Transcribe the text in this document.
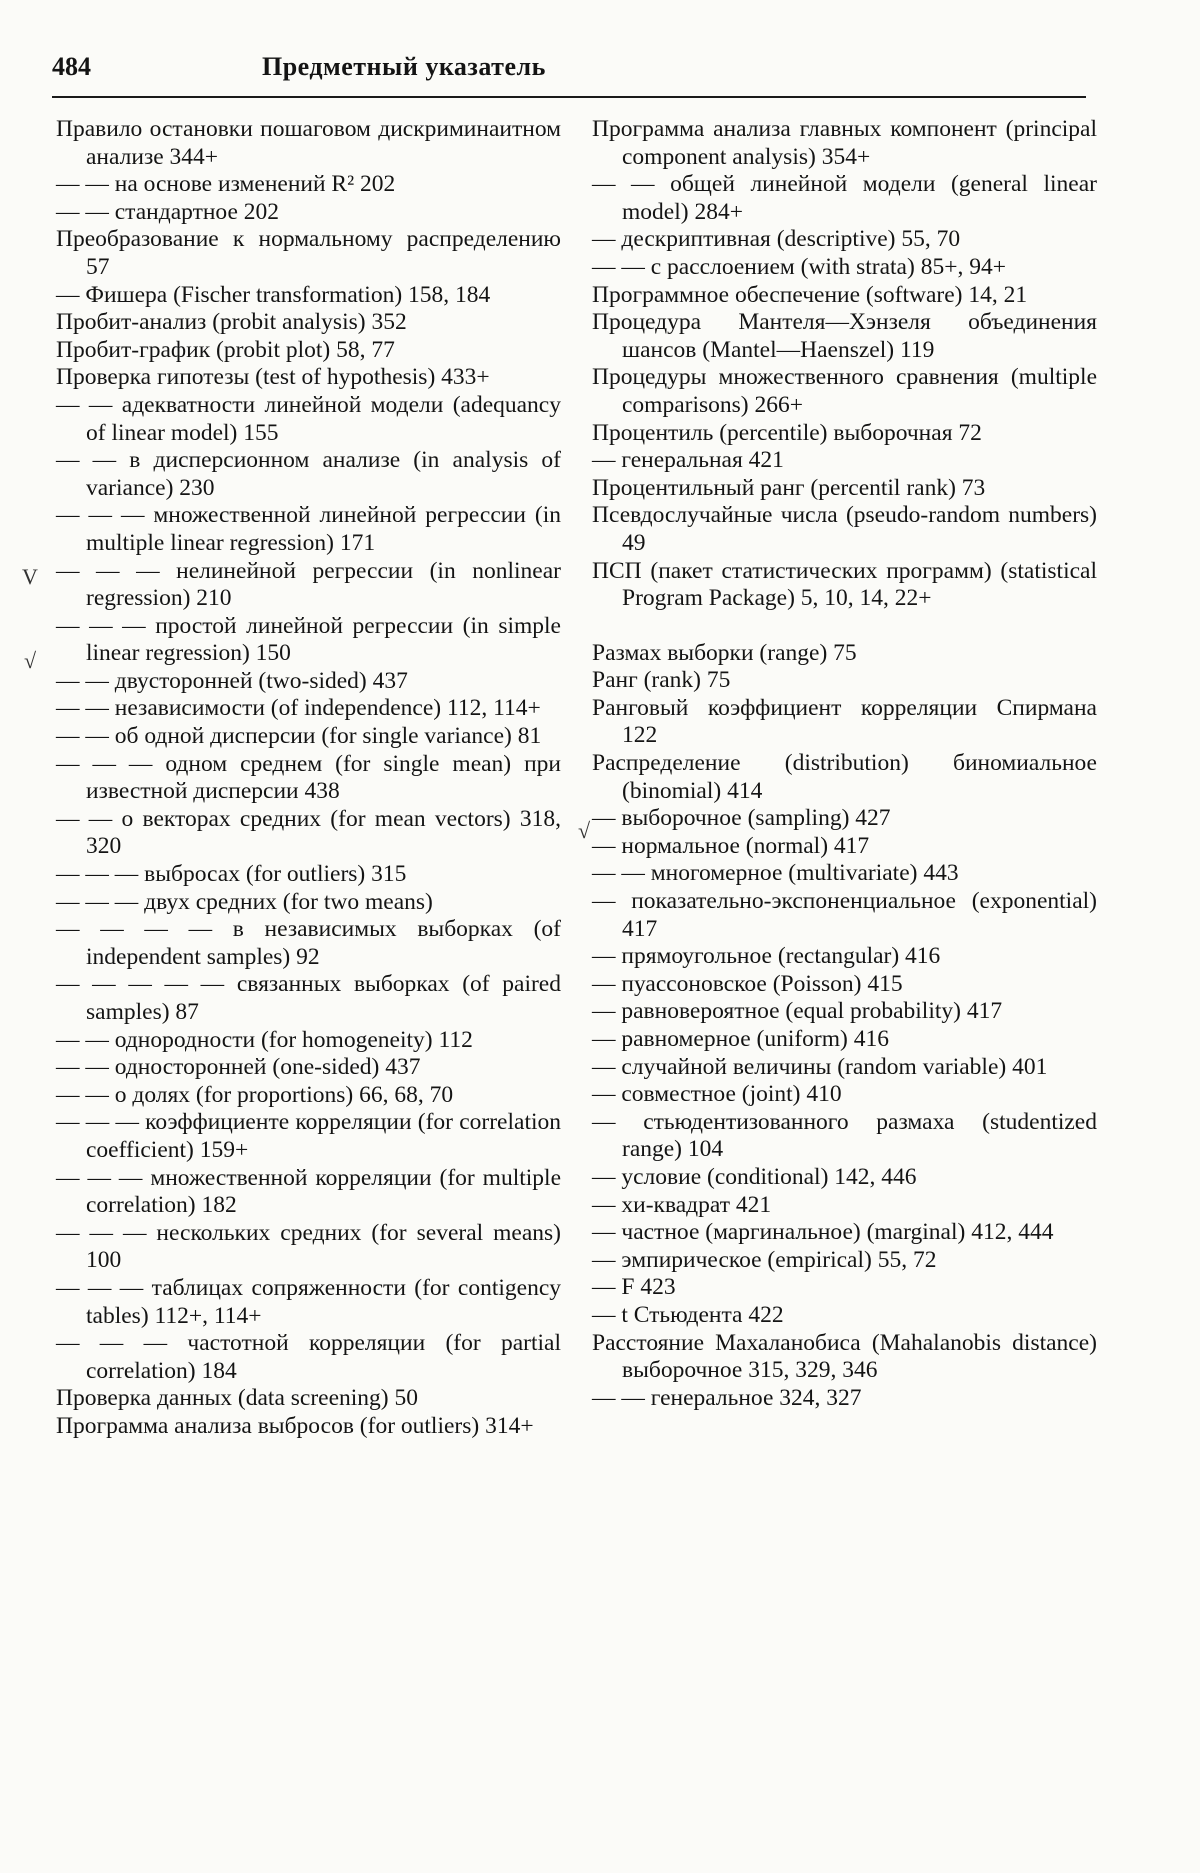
484	Предметный указатель
Правило остановки пошаговом дискриминаитном анализе 344+
— — на основе изменений R² 202
— — стандартное 202
Преобразование к нормальному распределению 57
— Фишера (Fischer transformation) 158, 184
Пробит-анализ (probit analysis) 352
Пробит-график (probit plot) 58, 77
Проверка гипотезы (test of hypothesis) 433+
— — адекватности линейной модели (adequancy of linear model) 155
— — в дисперсионном анализе (in analysis of variance) 230
— — — множественной линейной регрессии (in multiple linear regression) 171
— — — нелинейной регрессии (in nonlinear regression) 210
— — — простой линейной регрессии (in simple linear regression) 150
— — двусторонней (two-sided) 437
— — независимости (of independence) 112, 114+
— — об одной дисперсии (for single variance) 81
— — — одном среднем (for single mean) при известной дисперсии 438
— — о векторах средних (for mean vectors) 318, 320
— — — выбросах (for outliers) 315
— — — двух средних (for two means)
— — — — в независимых выборках (of independent samples) 92
— — — — — связанных выборках (of paired samples) 87
— — однородности (for homogeneity) 112
— — односторонней (one-sided) 437
— — о долях (for proportions) 66, 68, 70
— — — коэффициенте корреляции (for correlation coefficient) 159+
— — — множественной корреляции (for multiple correlation) 182
— — — нескольких средних (for several means) 100
— — — таблицах сопряженности (for contigency tables) 112+, 114+
— — — частотной корреляции (for partial correlation) 184
Проверка данных (data screening) 50
Программа анализа выбросов (for outliers) 314+
Программа анализа главных компонент (principal component analysis) 354+
— — общей линейной модели (general linear model) 284+
— дескриптивная (descriptive) 55, 70
— — с расслоением (with strata) 85+, 94+
Программное обеспечение (software) 14, 21
Процедура Мантеля—Хэнзеля объединения шансов (Mantel—Haenszel) 119
Процедуры множественного сравнения (multiple comparisons) 266+
Процентиль (percentile) выборочная 72
— генеральная 421
Процентильный ранг (percentil rank) 73
Псевдослучайные числа (pseudo-random numbers) 49
ПСП (пакет статистических программ) (statistical Program Package) 5, 10, 14, 22+
Размах выборки (range) 75
Ранг (rank) 75
Ранговый коэффициент корреляции Спирмана 122
Распределение (distribution) биномиальное (binomial) 414
— выборочное (sampling) 427
— нормальное (normal) 417
— — многомерное (multivariate) 443
— показательно-экспоненциальное (exponential) 417
— прямоугольное (rectangular) 416
— пуассоновское (Poisson) 415
— равновероятное (equal probability) 417
— равномерное (uniform) 416
— случайной величины (random variable) 401
— совместное (joint) 410
— стьюдентизованного размаха (studentized range) 104
— условие (conditional) 142, 446
— хи-квадрат 421
— частное (маргинальное) (marginal) 412, 444
— эмпирическое (empirical) 55, 72
— F 423
— t Стьюдента 422
Расстояние Махаланобиса (Mahalanobis distance) выборочное 315, 329, 346
— — генеральное 324, 327
V
√
√
